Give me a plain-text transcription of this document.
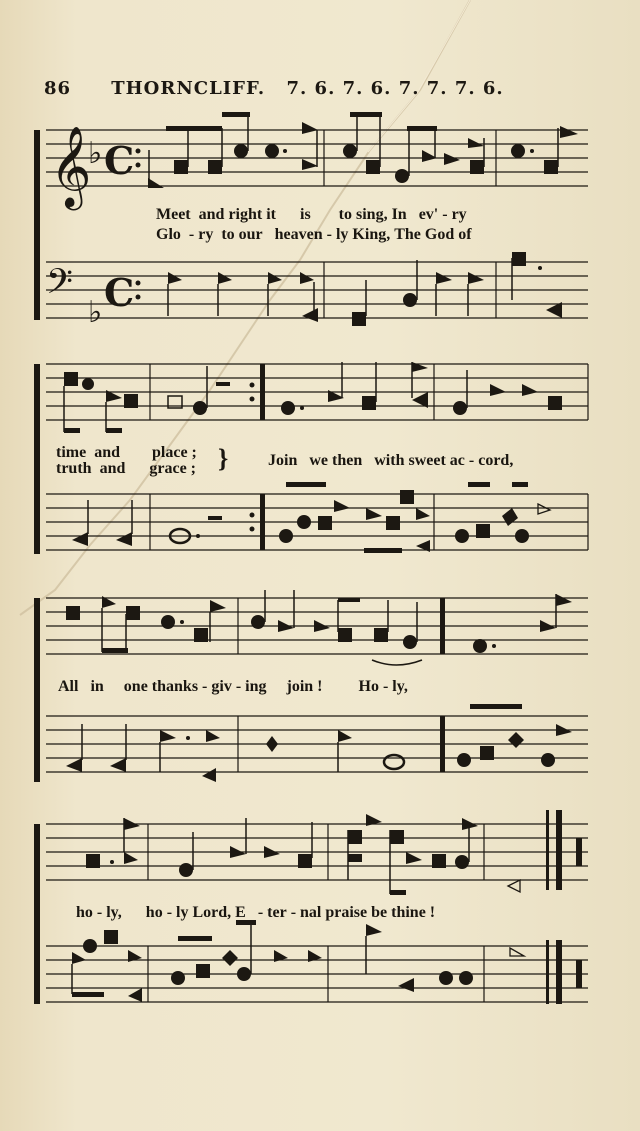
86 THORNCLIFF. 7. 6. 7. 6. 7. 7. 7. 6.
𝄞
♭ C
𝄢
♭ C
Meet and right it is to sing, In ev' - ry
Glo - ry to our heaven - ly King, The God of
time and place ;
truth and grace ; } Join we then with sweet ac - cord,
All in one thanks - giv - ing join ! Ho - ly,
ho - ly, ho - ly Lord, E - ter - nal praise be thine !
